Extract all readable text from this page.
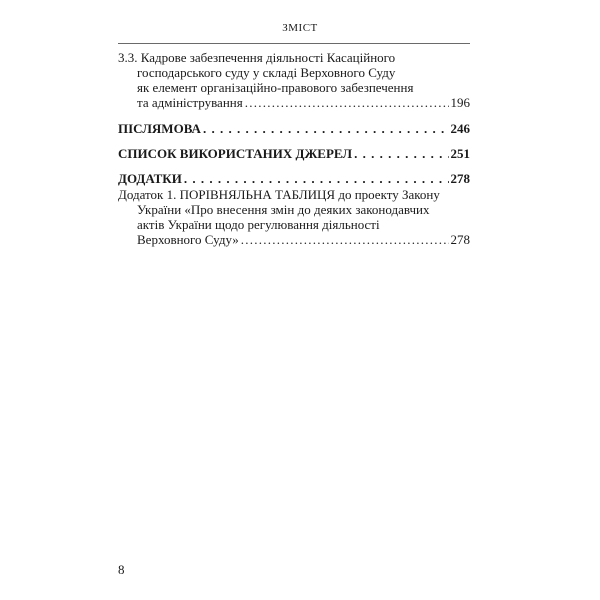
ЗМІСТ
3.3. Кадрове забезпечення діяльності Касаційного
господарського суду у складі Верховного Суду
як елемент організаційно-правового забезпечення
та адміністрування . . .	196
ПІСЛЯМОВА . . .	246
СПИСОК ВИКОРИСТАНИХ ДЖЕРЕЛ . . .	251
ДОДАТКИ . . .	278
Додаток 1. ПОРІВНЯЛЬНА ТАБЛИЦЯ до проекту Закону
України «Про внесення змін до деяких законодавчих
актів України щодо регулювання діяльності
Верховного Суду» . . .	278
8
